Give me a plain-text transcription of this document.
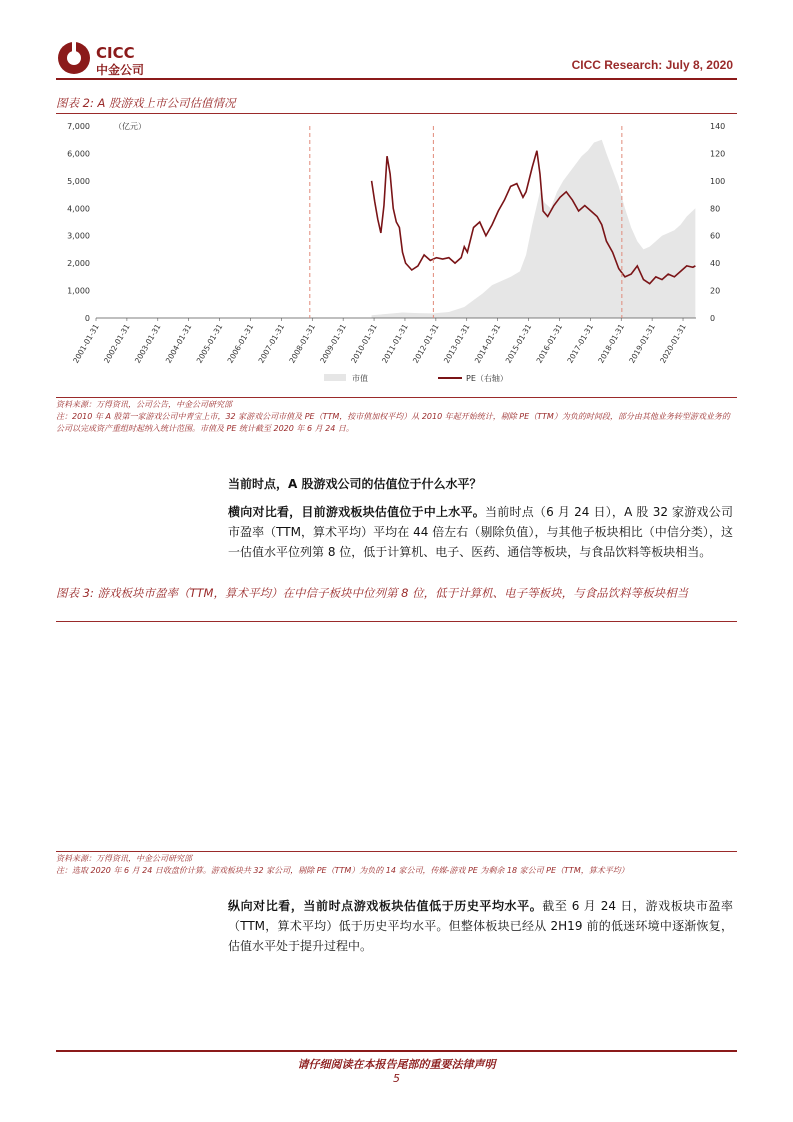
CICC
中金公司	CICC Research: July 8, 2020
图表 2: A 股游戏上市公司估值情况
2001-01-31 2002-01-31 2003-01-31 2004-01-31 2005-01-31 2006-01-31 2007-01-31 2008-01-31 2009-01-31 2010-01-31 2011-01-31 2012-01-31 2013-01-31 2014-01-31 2015-01-31 2016-01-31 2017-01-31 2018-01-31 2019-01-31 2020-01-31
0
1,000
2,000
3,000
4,000
5,000
6,000
7,000
0
20
40
60
80
100
120
140
（亿元）
市值	PE（右轴）
资料来源：万得资讯，公司公告，中金公司研究部
注：2010 年 A 股第一家游戏公司中青宝上市，32 家游戏公司市值及 PE（TTM，按市值加权平均）从 2010 年起开始统计，剔除 PE（TTM）为负的时间段，部分由其他业务转型游戏业务的公司以完成资产重组时起纳入统计范围。市值及 PE 统计截至 2020 年 6 月 24 日。
当前时点，A 股游戏公司的估值位于什么水平？
横向对比看，目前游戏板块估值位于中上水平。当前时点（6 月 24 日），A 股 32 家游戏公司市盈率（TTM，算术平均）平均在 44 倍左右（剔除负值），与其他子板块相比（中信分类），这一估值水平位列第 8 位，低于计算机、电子、医药、通信等板块，与食品饮料等板块相当。
图表 3: 游戏板块市盈率（TTM，算术平均）在中信子板块中位列第 8 位，低于计算机、电子等板块，与食品饮料等板块相当
资料来源：万得资讯，中金公司研究部
注：选取 2020 年 6 月 24 日收盘价计算。游戏板块共 32 家公司，剔除 PE（TTM）为负的 14 家公司，传媒-游戏 PE 为剩余 18 家公司 PE（TTM，算术平均）
纵向对比看，当前时点游戏板块估值低于历史平均水平。截至 6 月 24 日，游戏板块市盈率（TTM，算术平均）低于历史平均水平。但整体板块已经从 2H19 前的低迷环境中逐渐恢复，估值水平处于提升过程中。
请仔细阅读在本报告尾部的重要法律声明
5
